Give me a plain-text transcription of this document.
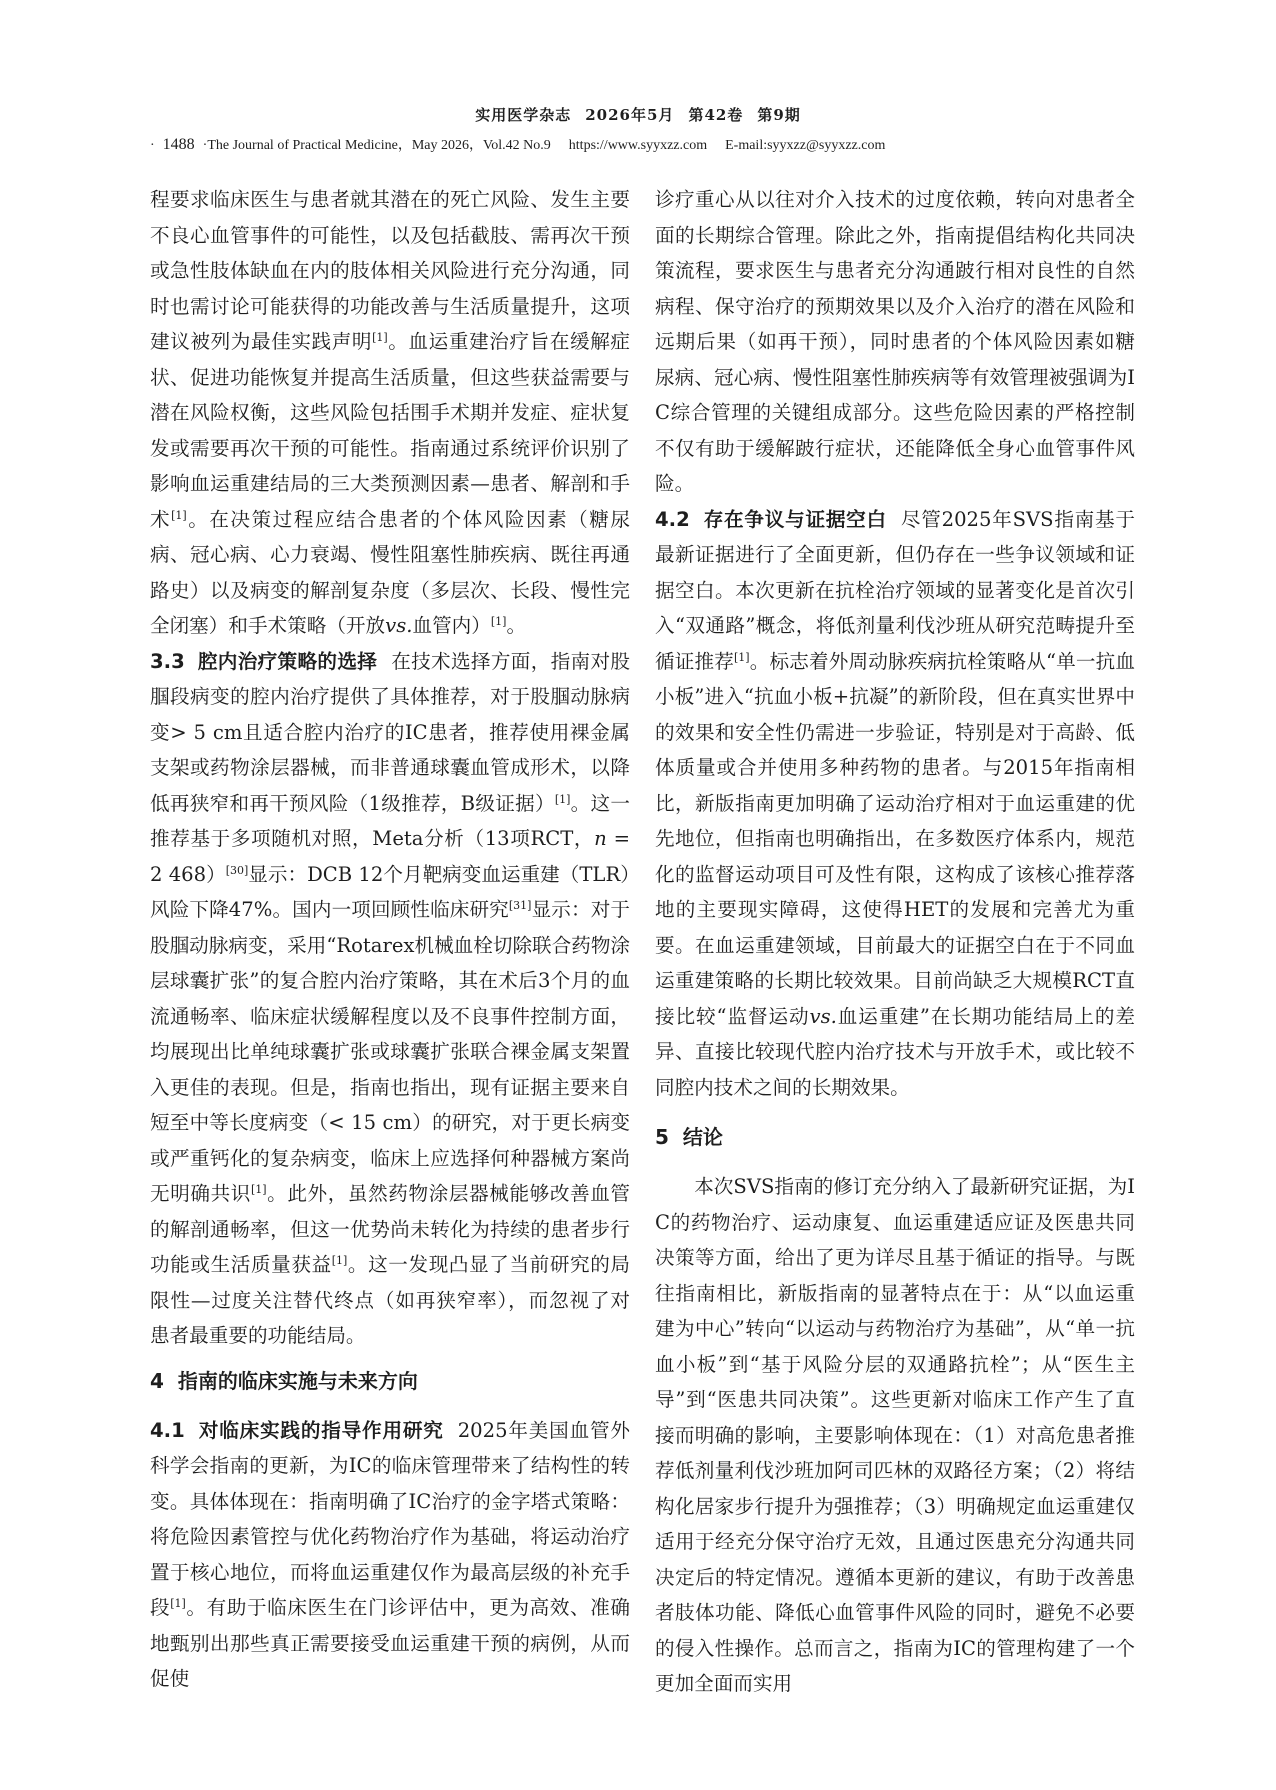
实用医学杂志 2026年5月 第42卷 第9期
· 1488 ·The Journal of Practical Medicine，May 2026，Vol.42 No.9 https://www.syyxzz.com E-mail:syyxzz@syyxzz.com

程要求临床医生与患者就其潜在的死亡风险、发生主要不良心血管事件的可能性，以及包括截肢、需再次干预或急性肢体缺血在内的肢体相关风险进行充分沟通，同时也需讨论可能获得的功能改善与生活质量提升，这项建议被列为最佳实践声明[1]。血运重建治疗旨在缓解症状、促进功能恢复并提高生活质量，但这些获益需要与潜在风险权衡，这些风险包括围手术期并发症、症状复发或需要再次干预的可能性。指南通过系统评价识别了影响血运重建结局的三大类预测因素—患者、解剖和手术[1]。在决策过程应结合患者的个体风险因素（糖尿病、冠心病、心力衰竭、慢性阻塞性肺疾病、既往再通路史）以及病变的解剖复杂度（多层次、长段、慢性完全闭塞）和手术策略（开放vs.血管内）[1]。

3.3 腔内治疗策略的选择 在技术选择方面，指南对股腘段病变的腔内治疗提供了具体推荐，对于股腘动脉病变> 5 cm且适合腔内治疗的IC患者，推荐使用裸金属支架或药物涂层器械，而非普通球囊血管成形术，以降低再狭窄和再干预风险（1级推荐，B级证据）[1]。这一推荐基于多项随机对照，Meta分析（13项RCT，n = 2 468）[30]显示：DCB 12个月靶病变血运重建（TLR）风险下降47%。国内一项回顾性临床研究[31]显示：对于股腘动脉病变，采用“Rotarex机械血栓切除联合药物涂层球囊扩张”的复合腔内治疗策略，其在术后3个月的血流通畅率、临床症状缓解程度以及不良事件控制方面，均展现出比单纯球囊扩张或球囊扩张联合裸金属支架置入更佳的表现。但是，指南也指出，现有证据主要来自短至中等长度病变（< 15 cm）的研究，对于更长病变或严重钙化的复杂病变，临床上应选择何种器械方案尚无明确共识[1]。此外，虽然药物涂层器械能够改善血管的解剖通畅率，但这一优势尚未转化为持续的患者步行功能或生活质量获益[1]。这一发现凸显了当前研究的局限性—过度关注替代终点（如再狭窄率），而忽视了对患者最重要的功能结局。

4 指南的临床实施与未来方向

4.1 对临床实践的指导作用研究 2025年美国血管外科学会指南的更新，为IC的临床管理带来了结构性的转变。具体体现在：指南明确了IC治疗的金字塔式策略：将危险因素管控与优化药物治疗作为基础，将运动治疗置于核心地位，而将血运重建仅作为最高层级的补充手段[1]。有助于临床医生在门诊评估中，更为高效、准确地甄别出那些真正需要接受血运重建干预的病例，从而促使

诊疗重心从以往对介入技术的过度依赖，转向对患者全面的长期综合管理。除此之外，指南提倡结构化共同决策流程，要求医生与患者充分沟通跛行相对良性的自然病程、保守治疗的预期效果以及介入治疗的潜在风险和远期后果（如再干预），同时患者的个体风险因素如糖尿病、冠心病、慢性阻塞性肺疾病等有效管理被强调为IC综合管理的关键组成部分。这些危险因素的严格控制不仅有助于缓解跛行症状，还能降低全身心血管事件风险。

4.2 存在争议与证据空白 尽管2025年SVS指南基于最新证据进行了全面更新，但仍存在一些争议领域和证据空白。本次更新在抗栓治疗领域的显著变化是首次引入“双通路”概念，将低剂量利伐沙班从研究范畴提升至循证推荐[1]。标志着外周动脉疾病抗栓策略从“单一抗血小板”进入“抗血小板+抗凝”的新阶段，但在真实世界中的效果和安全性仍需进一步验证，特别是对于高龄、低体质量或合并使用多种药物的患者。与2015年指南相比，新版指南更加明确了运动治疗相对于血运重建的优先地位，但指南也明确指出，在多数医疗体系内，规范化的监督运动项目可及性有限，这构成了该核心推荐落地的主要现实障碍，这使得HET的发展和完善尤为重要。在血运重建领域，目前最大的证据空白在于不同血运重建策略的长期比较效果。目前尚缺乏大规模RCT直接比较“监督运动vs.血运重建”在长期功能结局上的差异、直接比较现代腔内治疗技术与开放手术，或比较不同腔内技术之间的长期效果。

5 结论

本次SVS指南的修订充分纳入了最新研究证据，为IC的药物治疗、运动康复、血运重建适应证及医患共同决策等方面，给出了更为详尽且基于循证的指导。与既往指南相比，新版指南的显著特点在于：从“以血运重建为中心”转向“以运动与药物治疗为基础”，从“单一抗血小板”到“基于风险分层的双通路抗栓”；从“医生主导”到“医患共同决策”。这些更新对临床工作产生了直接而明确的影响，主要影响体现在：（1）对高危患者推荐低剂量利伐沙班加阿司匹林的双路径方案；（2）将结构化居家步行提升为强推荐；（3）明确规定血运重建仅适用于经充分保守治疗无效，且通过医患充分沟通共同决定后的特定情况。遵循本更新的建议，有助于改善患者肢体功能、降低心血管事件风险的同时，避免不必要的侵入性操作。总而言之，指南为IC的管理构建了一个更加全面而实用
